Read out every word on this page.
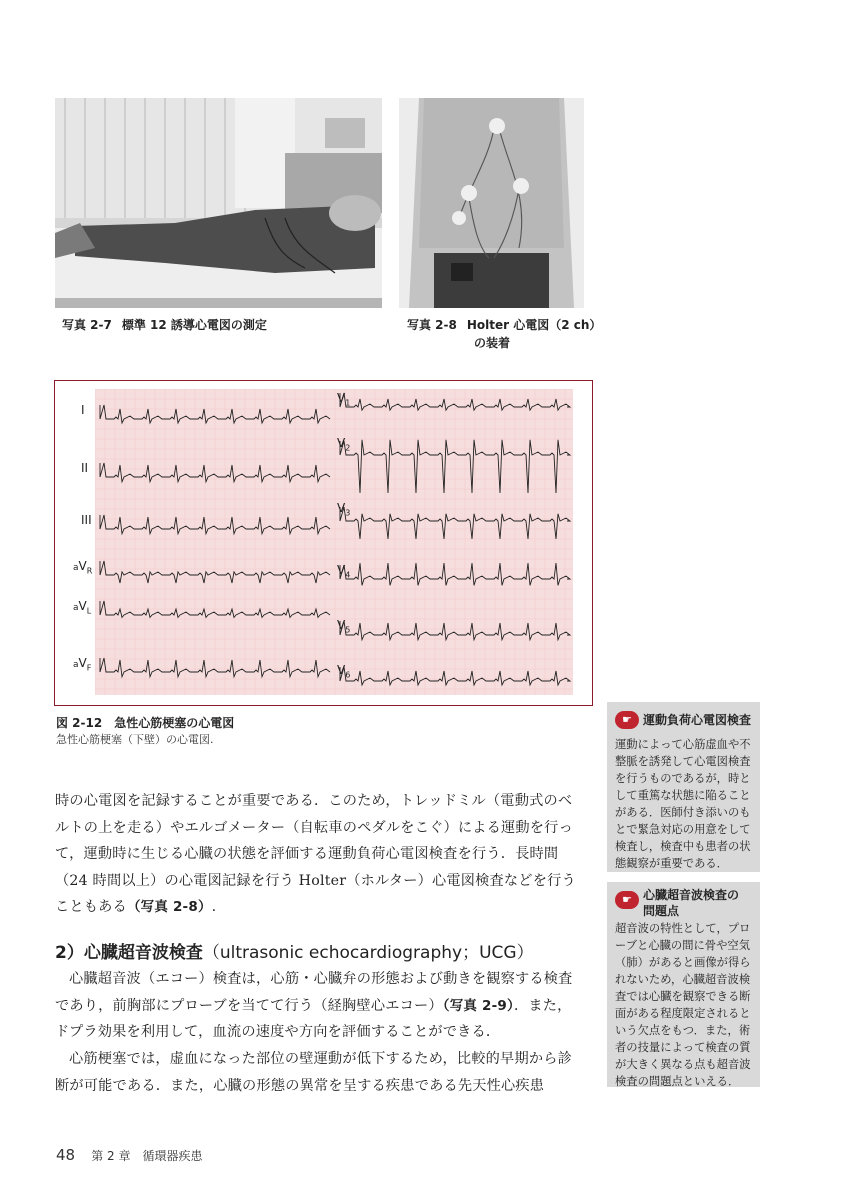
写真 2-7 標準 12 誘導心電図の測定	写真 2-8 Holter 心電図（2 ch）
の装着
I
II
III
$aV_R$
$aV_L$
$aV_F$
$V_1$
$V_2$
$V_3$
$V_4$
$V_5$
$V_6$
図 2-12　急性心筋梗塞の心電図
急性心筋梗塞（下壁）の心電図.
時の心電図を記録することが重要である．このため，トレッドミル（電動式のベルトの上を走る）やエルゴメーター（自転車のペダルをこぐ）による運動を行って，運動時に生じる心臓の状態を評価する運動負荷心電図検査を行う．長時間（24 時間以上）の心電図記録を行う Holter（ホルター）心電図検査などを行うこともある（写真 2-8）.
2）心臓超音波検査（ultrasonic echocardiography；UCG）
心臓超音波（エコー）検査は，心筋・心臓弁の形態および動きを観察する検査であり，前胸部にプローブを当てて行う（経胸壁心エコー）（写真 2-9）．また，ドプラ効果を利用して，血流の速度や方向を評価することができる．
心筋梗塞では，虚血になった部位の壁運動が低下するため，比較的早期から診断が可能である．また，心臓の形態の異常を呈する疾患である先天性心疾患
☛ 運動負荷心電図検査
運動によって心筋虚血や不整脈を誘発して心電図検査を行うものであるが，時として重篤な状態に陥ることがある．医師付き添いのもとで緊急対応の用意をして検査し，検査中も患者の状態観察が重要である．
☛ 心臓超音波検査の
問題点
超音波の特性として，プローブと心臓の間に骨や空気（肺）があると画像が得られないため，心臓超音波検査では心臓を観察できる断面がある程度限定されるという欠点をもつ．また，術者の技量によって検査の質が大きく異なる点も超音波検査の問題点といえる．
48 第 2 章　循環器疾患
